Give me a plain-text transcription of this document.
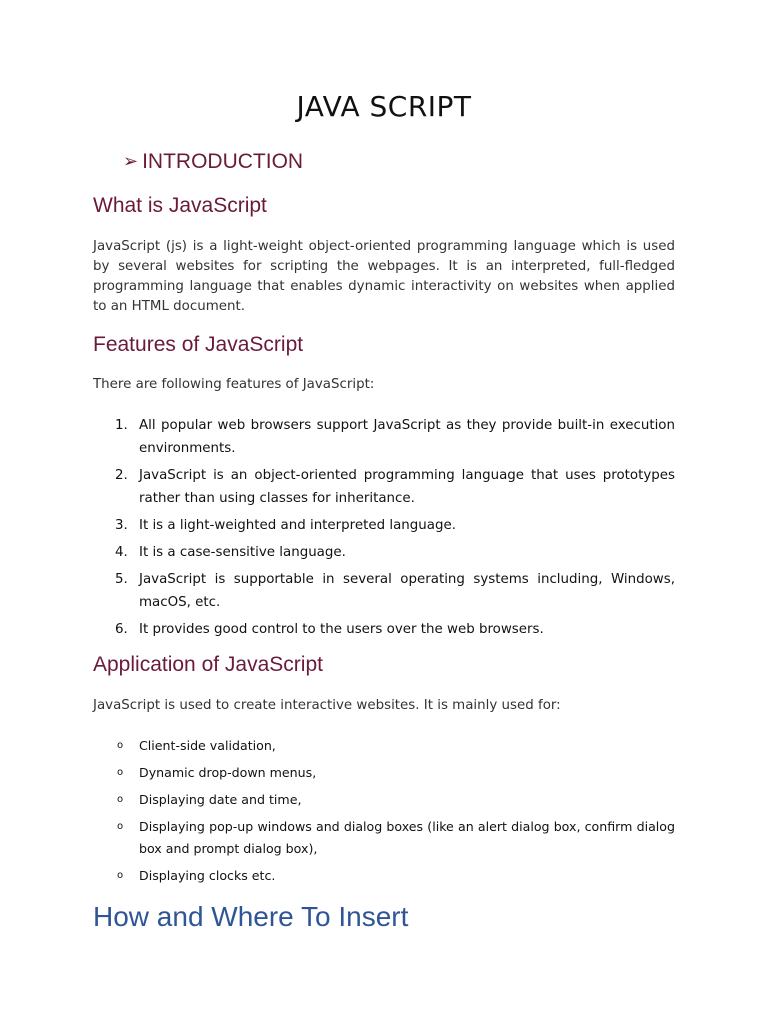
JAVA SCRIPT
➢ INTRODUCTION
What is JavaScript

JavaScript (js) is a light-weight object-oriented programming language which is used by several websites for scripting the webpages. It is an interpreted, full-fledged programming language that enables dynamic interactivity on websites when applied to an HTML document.

Features of JavaScript

There are following features of JavaScript:

1. All popular web browsers support JavaScript as they provide built-in execution environments.
2. JavaScript is an object-oriented programming language that uses prototypes rather than using classes for inheritance.
3. It is a light-weighted and interpreted language.
4. It is a case-sensitive language.
5. JavaScript is supportable in several operating systems including, Windows, macOS, etc.
6. It provides good control to the users over the web browsers.
Application of JavaScript

JavaScript is used to create interactive websites. It is mainly used for:

o Client-side validation,
o Dynamic drop-down menus,
o Displaying date and time,
o Displaying pop-up windows and dialog boxes (like an alert dialog box, confirm dialog box and prompt dialog box),
o Displaying clocks etc.
How and Where To Insert
